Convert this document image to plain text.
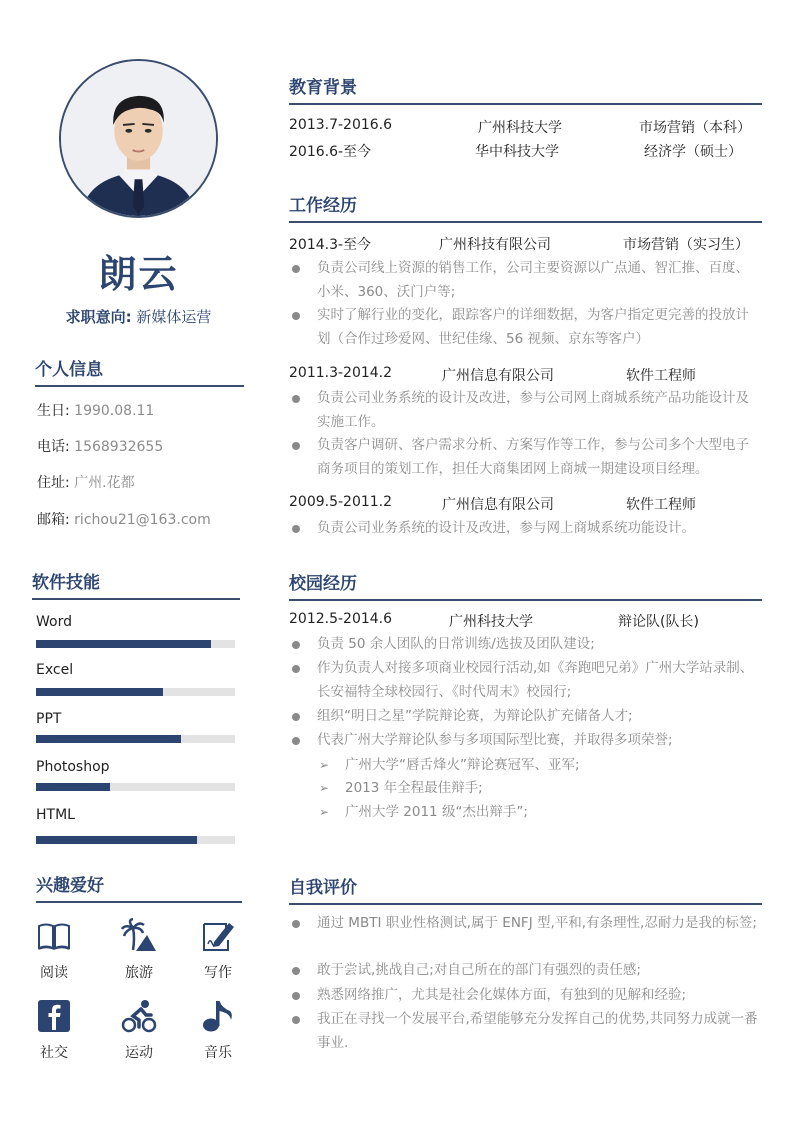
朗云
求职意向: 新媒体运营
个人信息
生日: 1990.08.11
电话: 1568932655
住址: 广州.花都
邮箱: richou21@163.com
软件技能
Word
Excel
PPT
Photoshop
HTML
兴趣爱好
阅读	旅游	写作
社交	运动	音乐
教育背景
2013.7-2016.6	广州科技大学	市场营销（本科）
2016.6-至今	华中科技大学	经济学（硕士）
工作经历
2014.3-至今	广州科技有限公司	市场营销（实习生）
负责公司线上资源的销售工作，公司主要资源以广点通、智汇推、百度、小米、360、沃门户等;
实时了解行业的变化，跟踪客户的详细数据，为客户指定更完善的投放计划（合作过珍爱网、世纪佳缘、56 视频、京东等客户）
2011.3-2014.2	广州信息有限公司	软件工程师
负责公司业务系统的设计及改进，参与公司网上商城系统产品功能设计及实施工作。
负责客户调研、客户需求分析、方案写作等工作，参与公司多个大型电子商务项目的策划工作，担任大商集团网上商城一期建设项目经理。
2009.5-2011.2	广州信息有限公司	软件工程师
负责公司业务系统的设计及改进，参与网上商城系统功能设计。
校园经历
2012.5-2014.6	广州科技大学	辩论队(队长)
负责 50 余人团队的日常训练/选拔及团队建设;
作为负责人对接多项商业校园行活动,如《奔跑吧兄弟》广州大学站录制、长安福特全球校园行、《时代周末》校园行;
组织“明日之星”学院辩论赛，为辩论队扩充储备人才;
代表广州大学辩论队参与多项国际型比赛，并取得多项荣誉;
➢ 广州大学“唇舌烽火”辩论赛冠军、亚军;
➢ 2013 年全程最佳辩手;
➢ 广州大学 2011 级“杰出辩手”;
自我评价
通过 MBTI 职业性格测试,属于 ENFJ 型,平和,有条理性,忍耐力是我的标签;
敢于尝试,挑战自己;对自己所在的部门有强烈的责任感;
熟悉网络推广，尤其是社会化媒体方面，有独到的见解和经验;
我正在寻找一个发展平台,希望能够充分发挥自己的优势,共同努力成就一番事业.
